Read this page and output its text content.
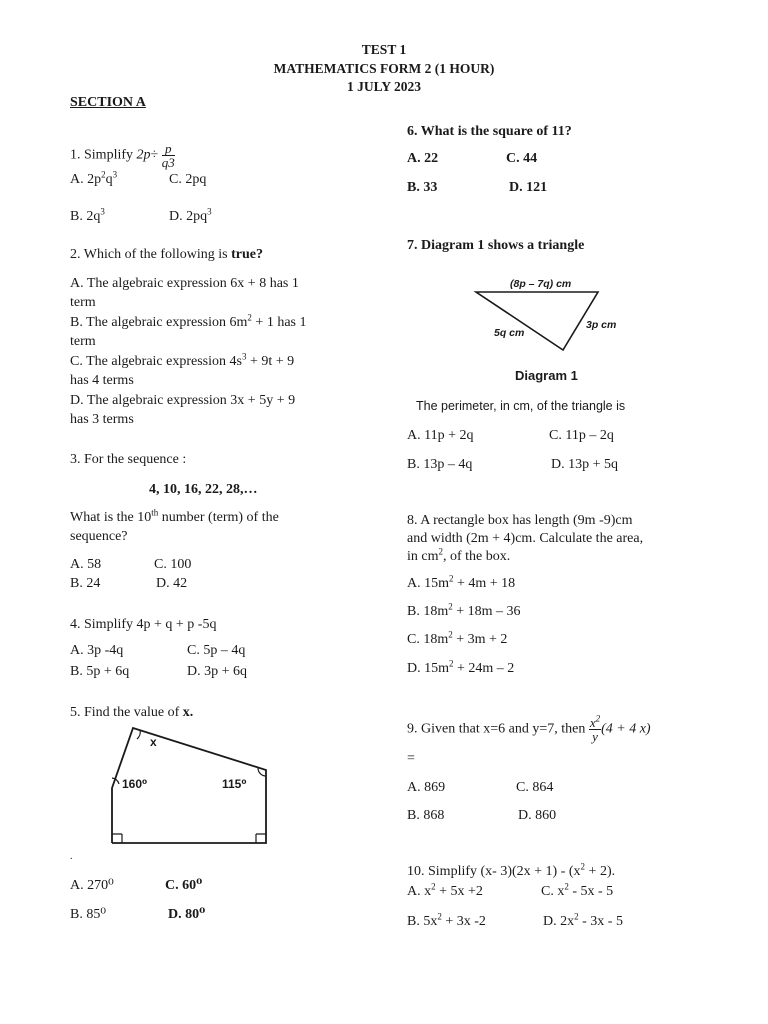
TEST 1
MATHEMATICS FORM 2 (1 HOUR)
1 JULY 2023
SECTION A
1. Simplify $2p\div \frac{p}{q3}$
A. $2p^2q^3$	C. 2pq
B. $2q^3$	D. $2pq^3$
2. Which of the following is true?
A. The algebraic expression 6x + 8 has 1
term
B. The algebraic expression $6m^2 + 1$ has 1
term
C. The algebraic expression $4s^3 + 9t + 9$
has 4 terms
D. The algebraic expression 3x + 5y + 9
has 3 terms
3. For the sequence :
4, 10, 16, 22, 28,…
What is the 10th number (term) of the
sequence?
A. 58	C. 100
B. 24	D. 42
4. Simplify 4p + q + p -5q
A. 3p -4q	C. 5p – 4q
B. 5p + 6q	D. 3p + 6q
5. Find the value of x.
x
160⁰	115⁰
.
A. 270⁰	C. 60⁰
B. 85⁰	D. 80⁰
6. What is the square of 11?
A. 22	C. 44
B. 33	D. 121
7. Diagram 1 shows a triangle
(8p – 7q) cm
5q cm
3p cm
Diagram 1
The perimeter, in cm, of the triangle is
A. 11p + 2q	C. 11p – 2q
B. 13p – 4q	D. 13p + 5q
8. A rectangle box has length (9m -9)cm
and width (2m + 4)cm. Calculate the area,
in $cm^2$, of the box.
A. $15m^2 + 4m + 18$
B. $18m^2 + 18m - 36$
C. $18m^2 + 3m + 2$
D. $15m^2 + 24m - 2$
9. Given that x=6 and y=7, then $\frac{x^2}{y} (4 + 4$ x)
=
A. 869	C. 864
B. 868	D. 860
10. Simplify (x- $3)(2x + 1) - (x^2 + 2)$.
A. $x^2 + 5x +2$	C. $x^2 - 5x - 5$
B. $5x^2 + 3x$ -2	D. $2x^2 - 3x - 5$
